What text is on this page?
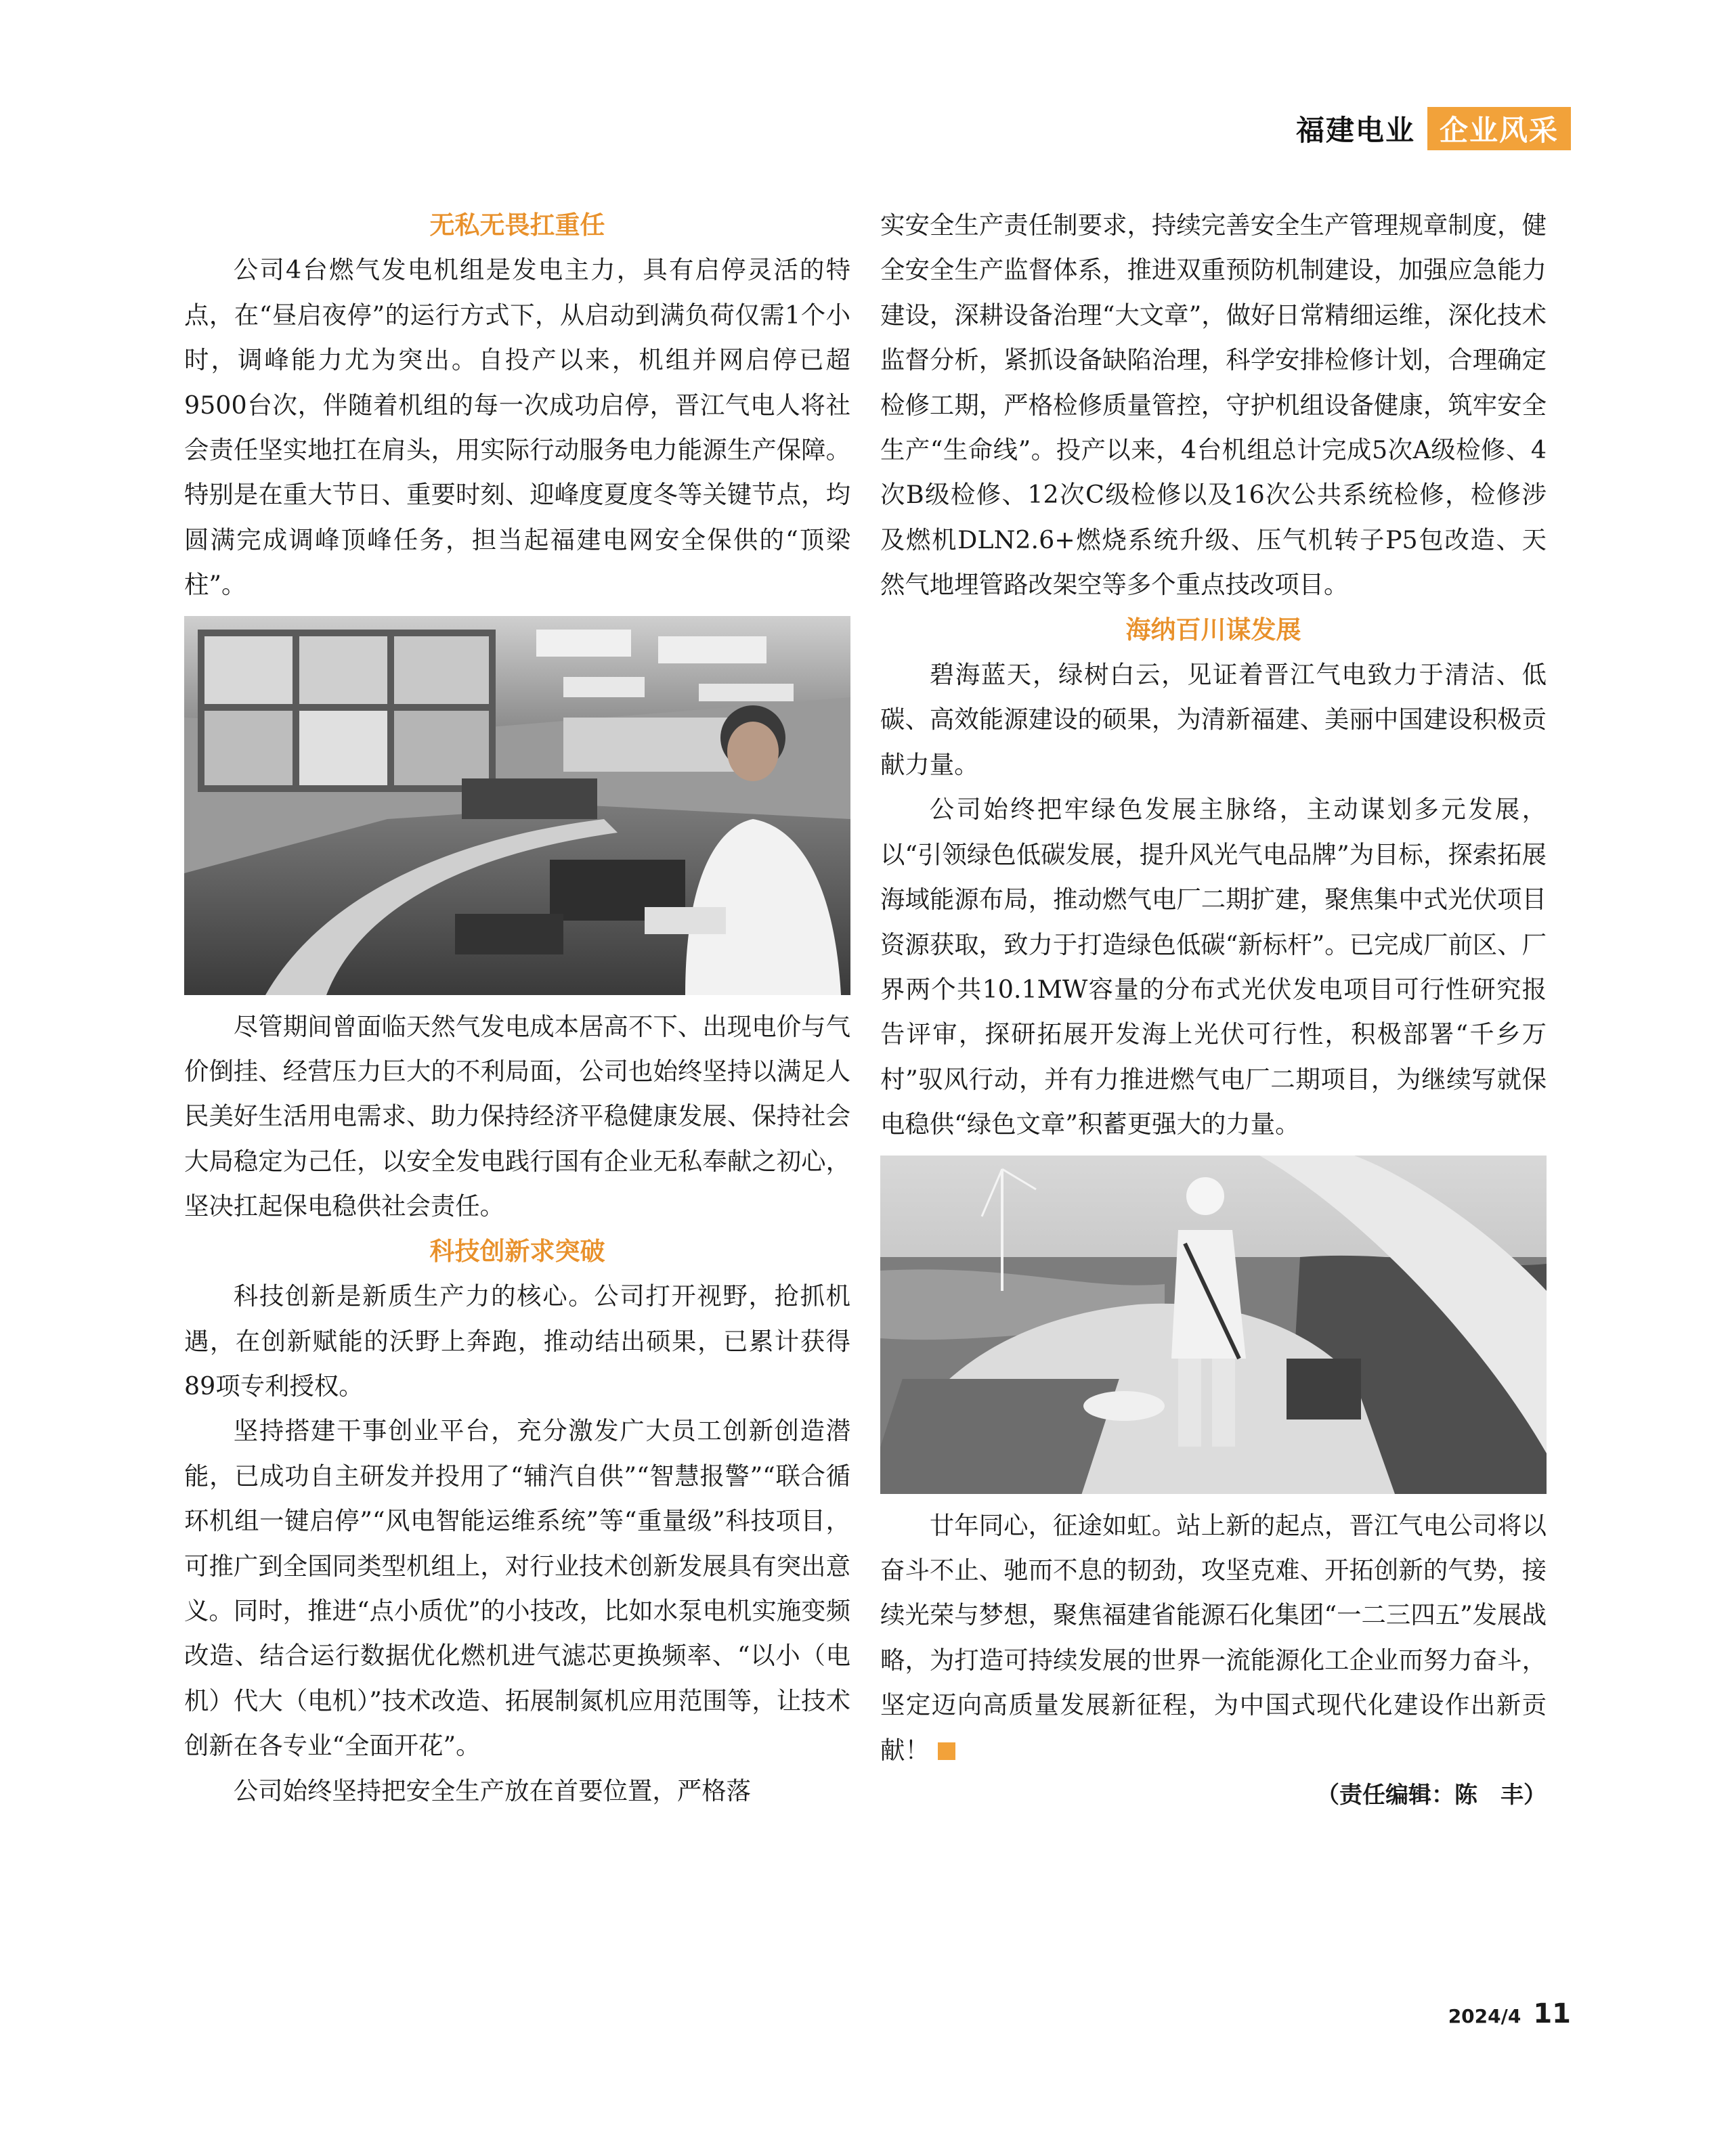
福建电业 企业风采
无私无畏扛重任

公司4台燃气发电机组是发电主力，具有启停灵活的特点，在“昼启夜停”的运行方式下，从启动到满负荷仅需1个小时，调峰能力尤为突出。自投产以来，机组并网启停已超9500台次，伴随着机组的每一次成功启停，晋江气电人将社会责任坚实地扛在肩头，用实际行动服务电力能源生产保障。特别是在重大节日、重要时刻、迎峰度夏度冬等关键节点，均圆满完成调峰顶峰任务，担当起福建电网安全保供的“顶梁柱”。

尽管期间曾面临天然气发电成本居高不下、出现电价与气价倒挂、经营压力巨大的不利局面，公司也始终坚持以满足人民美好生活用电需求、助力保持经济平稳健康发展、保持社会大局稳定为己任，以安全发电践行国有企业无私奉献之初心，坚决扛起保电稳供社会责任。

科技创新求突破

科技创新是新质生产力的核心。公司打开视野，抢抓机遇，在创新赋能的沃野上奔跑，推动结出硕果，已累计获得89项专利授权。

坚持搭建干事创业平台，充分激发广大员工创新创造潜能，已成功自主研发并投用了“辅汽自供”“智慧报警”“联合循环机组一键启停”“风电智能运维系统”等“重量级”科技项目，可推广到全国同类型机组上，对行业技术创新发展具有突出意义。同时，推进“点小质优”的小技改，比如水泵电机实施变频改造、结合运行数据优化燃机进气滤芯更换频率、“以小（电机）代大（电机）”技术改造、拓展制氮机应用范围等，让技术创新在各专业“全面开花”。

公司始终坚持把安全生产放在首要位置，严格落

实安全生产责任制要求，持续完善安全生产管理规章制度，健全安全生产监督体系，推进双重预防机制建设，加强应急能力建设，深耕设备治理“大文章”，做好日常精细运维，深化技术监督分析，紧抓设备缺陷治理，科学安排检修计划，合理确定检修工期，严格检修质量管控，守护机组设备健康，筑牢安全生产“生命线”。投产以来，4台机组总计完成5次A级检修、4次B级检修、12次C级检修以及16次公共系统检修，检修涉及燃机DLN2.6+燃烧系统升级、压气机转子P5包改造、天然气地埋管路改架空等多个重点技改项目。

海纳百川谋发展

碧海蓝天，绿树白云，见证着晋江气电致力于清洁、低碳、高效能源建设的硕果，为清新福建、美丽中国建设积极贡献力量。

公司始终把牢绿色发展主脉络，主动谋划多元发展，以“引领绿色低碳发展，提升风光气电品牌”为目标，探索拓展海域能源布局，推动燃气电厂二期扩建，聚焦集中式光伏项目资源获取，致力于打造绿色低碳“新标杆”。已完成厂前区、厂界两个共10.1MW容量的分布式光伏发电项目可行性研究报告评审，探研拓展开发海上光伏可行性，积极部署“千乡万村”驭风行动，并有力推进燃气电厂二期项目，为继续写就保电稳供“绿色文章”积蓄更强大的力量。

廿年同心，征途如虹。站上新的起点，晋江气电公司将以奋斗不止、驰而不息的韧劲，攻坚克难、开拓创新的气势，接续光荣与梦想，聚焦福建省能源石化集团“一二三四五”发展战略，为打造可持续发展的世界一流能源化工企业而努力奋斗，坚定迈向高质量发展新征程，为中国式现代化建设作出新贡献！

（责任编辑：陈　丰）
2024/4 11
